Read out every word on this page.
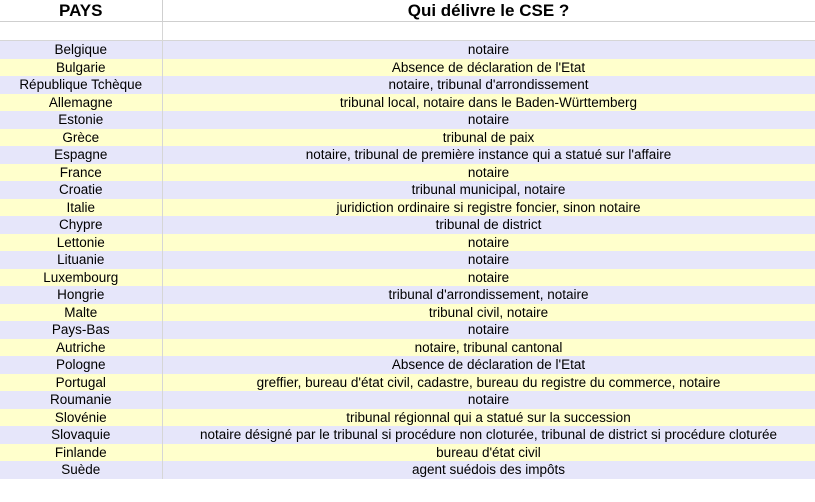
PAYS	Qui délivre le CSE ?

Belgique	notaire
Bulgarie	Absence de déclaration de l'Etat
République Tchèque	notaire, tribunal d'arrondissement
Allemagne	tribunal local, notaire dans le Baden-Württemberg
Estonie	notaire
Grèce	tribunal de paix
Espagne	notaire, tribunal de première instance qui a statué sur l'affaire
France	notaire
Croatie	tribunal municipal, notaire
Italie	juridiction ordinaire si registre foncier, sinon notaire
Chypre	tribunal de district
Lettonie	notaire
Lituanie	notaire
Luxembourg	notaire
Hongrie	tribunal d'arrondissement, notaire
Malte	tribunal civil, notaire
Pays-Bas	notaire
Autriche	notaire, tribunal cantonal
Pologne	Absence de déclaration de l'Etat
Portugal	greffier, bureau d'état civil, cadastre, bureau du registre du commerce, notaire
Roumanie	notaire
Slovénie	tribunal régionnal qui a statué sur la succession
Slovaquie	notaire désigné par le tribunal si procédure non cloturée, tribunal de district si procédure cloturée
Finlande	bureau d'état civil
Suède	agent suédois des impôts
